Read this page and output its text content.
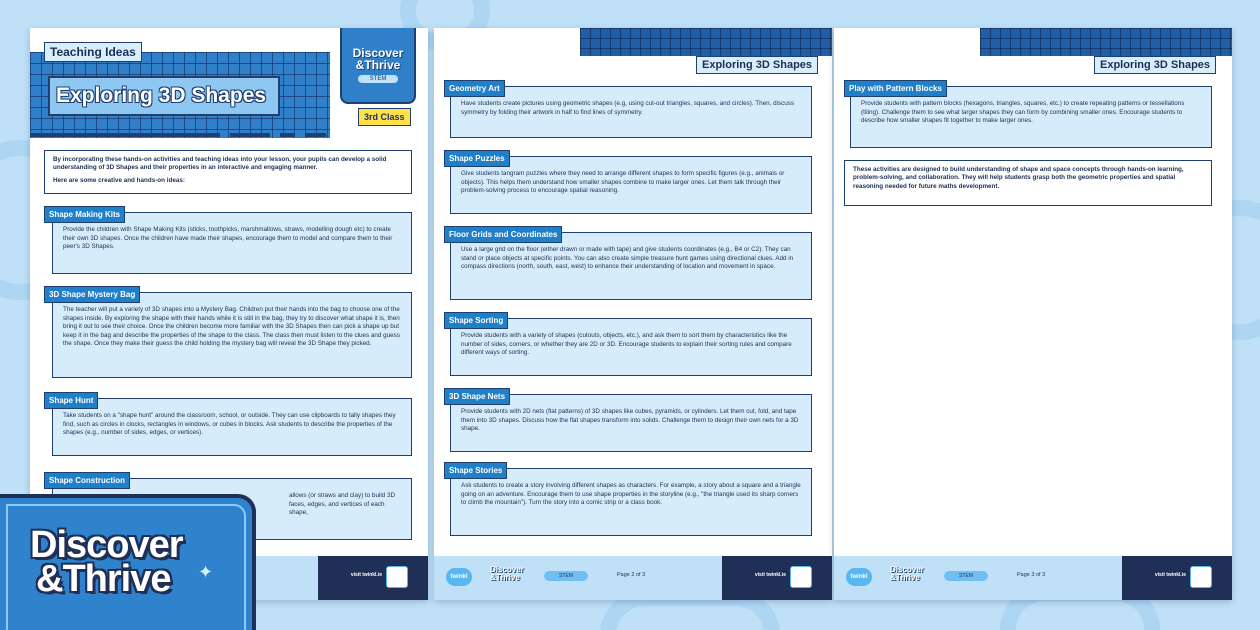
Teaching Ideas
Exploring 3D Shapes
Discover
&Thrive
STEM
3rd Class

By incorporating these hands-on activities and teaching ideas into your lesson, your pupils can develop a solid understanding of 3D Shapes and their properties in an interactive and engaging manner.

Here are some creative and hands-on ideas:

Shape Making Kits
Provide the children with Shape Making Kits (sticks, toothpicks, marshmallows, straws, modelling dough etc) to create their own 3D shapes. Once the children have made their shapes, encourage them to model and compare them to their peer's 3D Shapes.
3D Shape Mystery Bag
The teacher will put a variety of 3D shapes into a Mystery Bag. Children put their hands into the bag to choose one of the shapes inside. By exploring the shape with their hands while it is still in the bag, they try to discover what shape it is, then bring it out to see their choice. Once the children become more familiar with the 3D Shapes then can pick a shape up but keep it in the bag and describe the properties of the shape to the class. The class then must listen to the clues and guess the shape. Once they make their guess the child holding the mystery bag will reveal the 3D Shape they picked.
Shape Hunt
Take students on a "shape hunt" around the classroom, school, or outside. They can use clipboards to tally shapes they find, such as circles in clocks, rectangles in windows, or cubes in blocks. Ask students to describe the properties of the shapes (e.g., number of sides, edges, or vertices).
Shape Construction
allows (or straws and clay) to build 3D faces, edges, and vertices of each shape,
visit twinkl.ie
Exploring 3D Shapes
Geometry Art
Have students create pictures using geometric shapes (e.g, using cut-out triangles, squares, and circles). Then, discuss symmetry by folding their artwork in half to find lines of symmetry.
Shape Puzzles
Give students tangram puzzles where they need to arrange different shapes to form specific figures (e.g., animals or objects). This helps them understand how smaller shapes combine to make larger ones. Let them talk through their problem-solving process to encourage spatial reasoning.
Floor Grids and Coordinates
Use a large grid on the floor (either drawn or made with tape) and give students coordinates (e.g., B4 or C2). They can stand or place objects at specific points. You can also create simple treasure hunt games using directional clues. Add in compass directions (north, south, east, west) to enhance their understanding of location and movement in space.
Shape Sorting
Provide students with a variety of shapes (cutouts, objects, etc.), and ask them to sort them by characteristics like the number of sides, corners, or whether they are 2D or 3D. Encourage students to explain their sorting rules and compare different ways of sorting.
3D Shape Nets
Provide students with 2D nets (flat patterns) of 3D shapes like cubes, pyramids, or cylinders. Let them cut, fold, and tape them into 3D shapes. Discuss how the flat shapes transform into solids. Challenge them to design their own nets for a 3D shape.
Shape Stories
Ask students to create a story involving different shapes as characters. For example, a story about a square and a triangle going on an adventure. Encourage them to use shape properties in the storyline (e.g., "the triangle used its sharp corners to climb the mountain"). Turn the story into a comic strip or a class book.
twinkl
Discover
&Thrive	STEM	Page 2 of 3	visit twinkl.ie
Exploring 3D Shapes
Play with Pattern Blocks
Provide students with pattern blocks (hexagons, triangles, squares, etc.) to create repeating patterns or tessellations (tiling). Challenge them to see what larger shapes they can form by combining smaller ones. Encourage students to describe how smaller shapes fit together to make larger ones.
These activities are designed to build understanding of shape and space concepts through hands-on learning, problem-solving, and collaboration. They will help students grasp both the geometric properties and spatial reasoning needed for future maths development.
twinkl
Discover
&Thrive	STEM	Page 3 of 3	visit twinkl.ie
Discover
&Thrive	✦
